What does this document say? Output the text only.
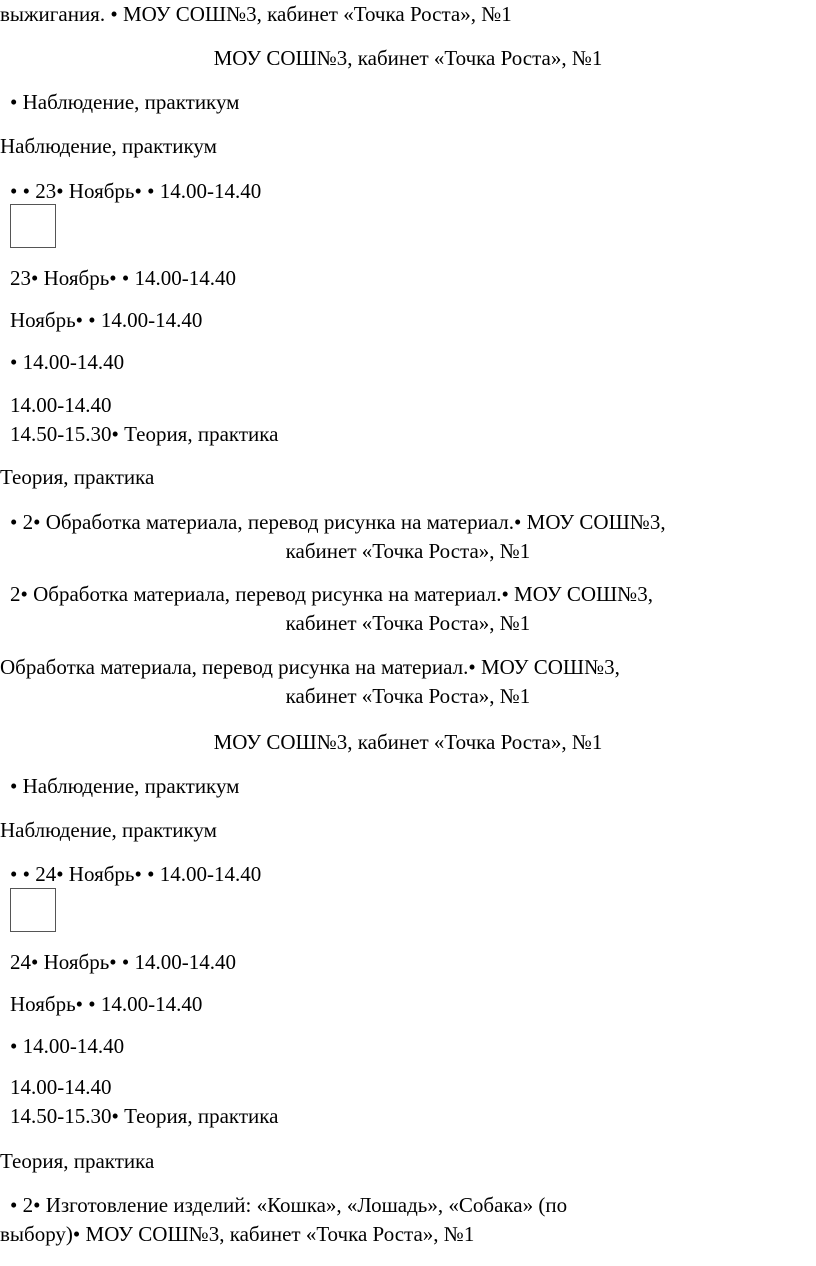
выжигания. • МОУ СОШ№3, кабинет «Точка Роста», №1
МОУ СОШ№3, кабинет «Точка Роста», №1
• Наблюдение, практикум
Наблюдение, практикум
• • 23• Ноябрь• • 14.00-14.40
23• Ноябрь• • 14.00-14.40
Ноябрь• • 14.00-14.40
• 14.00-14.40
14.00-14.40
14.50-15.30• Теория, практика
Теория, практика
• 2• Обработка материала, перевод рисунка на материал.• МОУ СОШ№3,
кабинет «Точка Роста», №1
2• Обработка материала, перевод рисунка на материал.• МОУ СОШ№3,
кабинет «Точка Роста», №1
Обработка материала, перевод рисунка на материал.• МОУ СОШ№3,
кабинет «Точка Роста», №1
МОУ СОШ№3, кабинет «Точка Роста», №1
• Наблюдение, практикум
Наблюдение, практикум
• • 24• Ноябрь• • 14.00-14.40
24• Ноябрь• • 14.00-14.40
Ноябрь• • 14.00-14.40
• 14.00-14.40
14.00-14.40
14.50-15.30• Теория, практика
Теория, практика
• 2• Изготовление изделий: «Кошка», «Лошадь», «Собака» (по
выбору)• МОУ СОШ№3, кабинет «Точка Роста», №1
